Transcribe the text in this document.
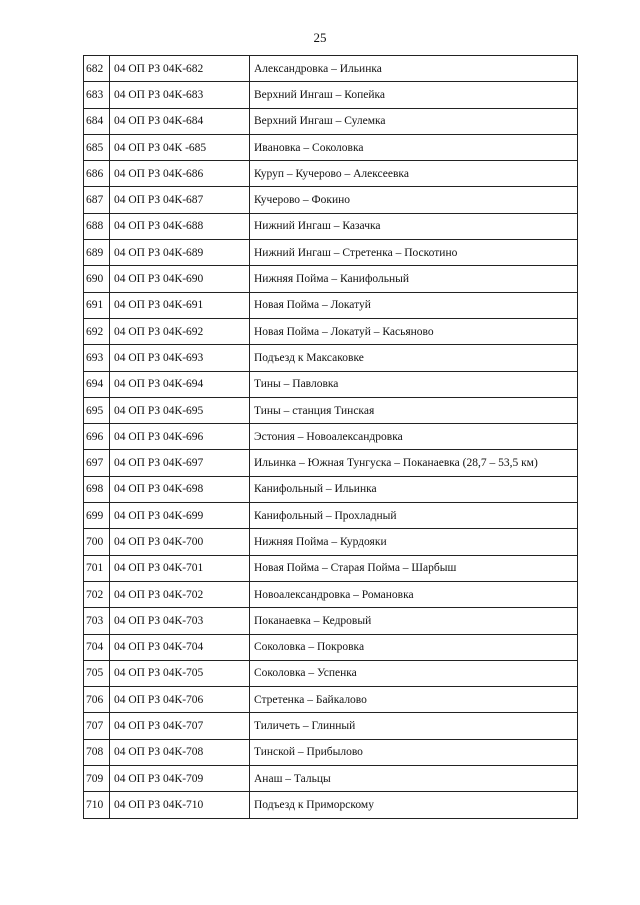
25
682	04 ОП РЗ 04К-682	Александровка – Ильинка
683	04 ОП РЗ 04К-683	Верхний Ингаш – Копейка
684	04 ОП РЗ 04К-684	Верхний Ингаш – Сулемка
685	04 ОП РЗ 04К -685	Ивановка – Соколовка
686	04 ОП РЗ 04К-686	Куруп – Кучерово – Алексеевка
687	04 ОП РЗ 04К-687	Кучерово – Фокино
688	04 ОП РЗ 04К-688	Нижний Ингаш – Казачка
689	04 ОП РЗ 04К-689	Нижний Ингаш – Стретенка – Поскотино
690	04 ОП РЗ 04К-690	Нижняя Пойма – Канифольный
691	04 ОП РЗ 04К-691	Новая Пойма – Локатуй
692	04 ОП РЗ 04К-692	Новая Пойма – Локатуй – Касьяново
693	04 ОП РЗ 04К-693	Подъезд к Максаковке
694	04 ОП РЗ 04К-694	Тины – Павловка
695	04 ОП РЗ 04К-695	Тины – станция Тинская
696	04 ОП РЗ 04К-696	Эстония – Новоалександровка
697	04 ОП РЗ 04К-697	Ильинка – Южная Тунгуска – Поканаевка (28,7 – 53,5 км)
698	04 ОП РЗ 04К-698	Канифольный – Ильинка
699	04 ОП РЗ 04К-699	Канифольный – Прохладный
700	04 ОП РЗ 04К-700	Нижняя Пойма – Курдояки
701	04 ОП РЗ 04К-701	Новая Пойма – Старая Пойма – Шарбыш
702	04 ОП РЗ 04К-702	Новоалександровка – Романовка
703	04 ОП РЗ 04К-703	Поканаевка – Кедровый
704	04 ОП РЗ 04К-704	Соколовка – Покровка
705	04 ОП РЗ 04К-705	Соколовка – Успенка
706	04 ОП РЗ 04К-706	Стретенка – Байкалово
707	04 ОП РЗ 04К-707	Тиличеть – Глинный
708	04 ОП РЗ 04К-708	Тинской – Прибылово
709	04 ОП РЗ 04К-709	Анаш – Тальцы
710	04 ОП РЗ 04К-710	Подъезд к Приморскому
